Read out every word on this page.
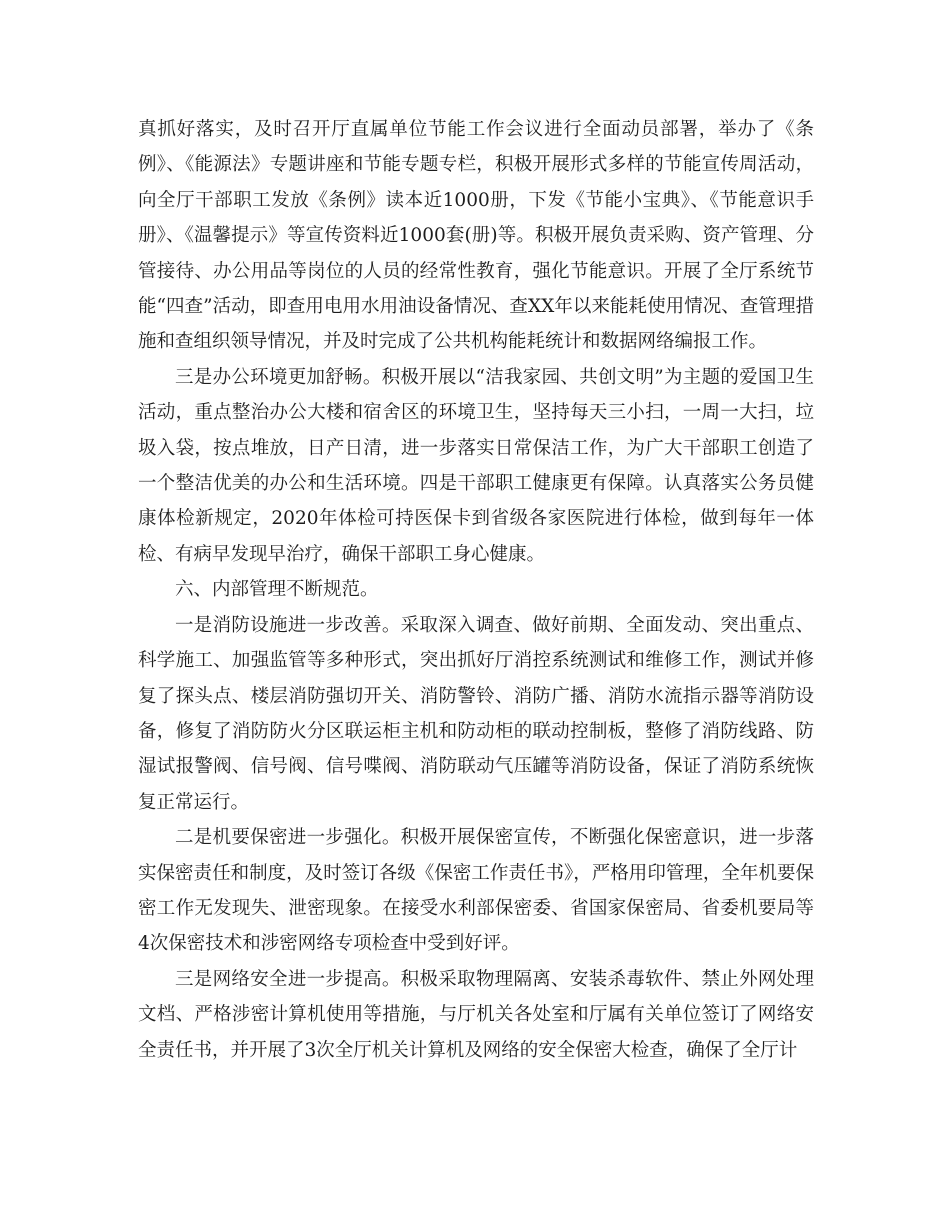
真抓好落实，及时召开厅直属单位节能工作会议进行全面动员部署，举办了《条例》、《能源法》专题讲座和节能专题专栏，积极开展形式多样的节能宣传周活动，向全厅干部职工发放《条例》读本近1000册，下发《节能小宝典》、《节能意识手册》、《温馨提示》等宣传资料近1000套(册)等。积极开展负责采购、资产管理、分管接待、办公用品等岗位的人员的经常性教育，强化节能意识。开展了全厅系统节能“四查”活动，即查用电用水用油设备情况、查XX年以来能耗使用情况、查管理措施和查组织领导情况，并及时完成了公共机构能耗统计和数据网络编报工作。

三是办公环境更加舒畅。积极开展以“洁我家园、共创文明”为主题的爱国卫生活动，重点整治办公大楼和宿舍区的环境卫生，坚持每天三小扫，一周一大扫，垃圾入袋，按点堆放，日产日清，进一步落实日常保洁工作，为广大干部职工创造了一个整洁优美的办公和生活环境。四是干部职工健康更有保障。认真落实公务员健康体检新规定，2020年体检可持医保卡到省级各家医院进行体检，做到每年一体检、有病早发现早治疗，确保干部职工身心健康。

六、内部管理不断规范。

一是消防设施进一步改善。采取深入调查、做好前期、全面发动、突出重点、科学施工、加强监管等多种形式，突出抓好厅消控系统测试和维修工作，测试并修复了探头点、楼层消防强切开关、消防警铃、消防广播、消防水流指示器等消防设备，修复了消防防火分区联运柜主机和防动柜的联动控制板，整修了消防线路、防湿试报警阀、信号阀、信号喋阀、消防联动气压罐等消防设备，保证了消防系统恢复正常运行。

二是机要保密进一步强化。积极开展保密宣传，不断强化保密意识，进一步落实保密责任和制度，及时签订各级《保密工作责任书》，严格用印管理，全年机要保密工作无发现失、泄密现象。在接受水利部保密委、省国家保密局、省委机要局等4次保密技术和涉密网络专项检查中受到好评。

三是网络安全进一步提高。积极采取物理隔离、安装杀毒软件、禁止外网处理文档、严格涉密计算机使用等措施，与厅机关各处室和厅属有关单位签订了网络安全责任书，并开展了3次全厅机关计算机及网络的安全保密大检查，确保了全厅计
